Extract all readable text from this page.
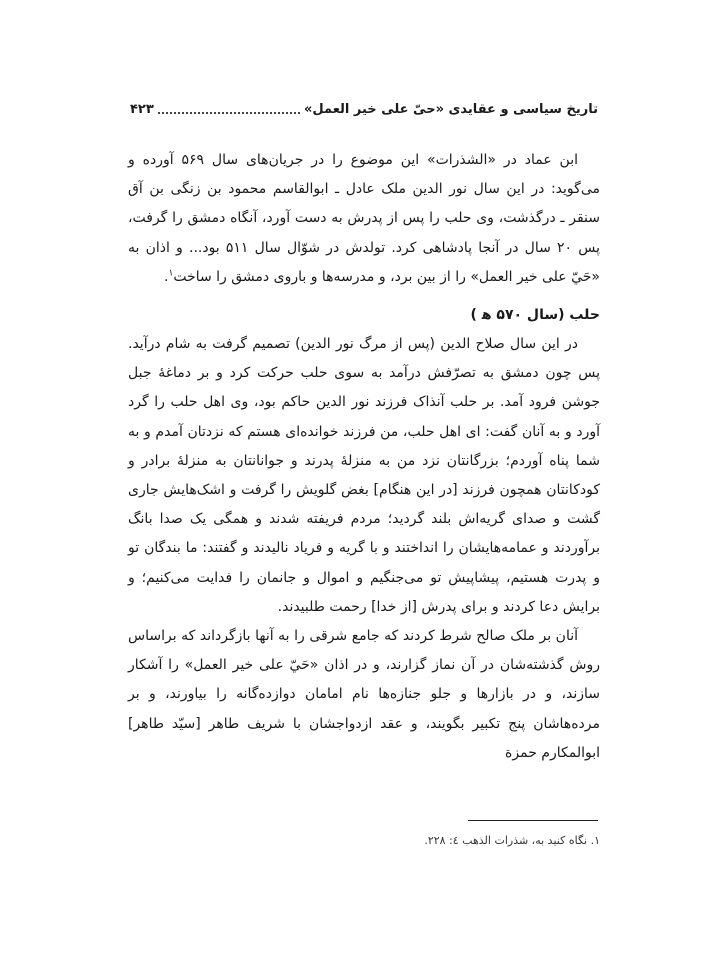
تاریخ سیاسی و عقایدی «حیّ علی خیر العمل»
۴۲۳

ابن عماد در «الشذرات» این موضوع را در جریان‌های سال ۵۶۹ آورده و می‌گوید: در این سال نور الدین ملک عادل ـ ابوالقاسم محمود بن زنگی بن آق سنقر ـ درگذشت، وی حلب را پس از پدرش به دست آورد، آنگاه دمشق را گرفت، پس ۲۰ سال در آنجا پادشاهی کرد. تولدش در شوّال سال ۵۱۱ بود... و اذان به «حَيّ على خير العمل» را از بین برد، و مدرسه‌ها و باروی دمشق را ساخت$^۱$.

حلب (سال ۵۷۰ ه‍ )

در این سال صلاح الدین (پس از مرگ نور الدین) تصمیم گرفت به شام درآید. پس چون دمشق به تصرّفش درآمد به سوی حلب حرکت کرد و بر دماغهٔ جبل جوشن فرود آمد. بر حلب آنذاک فرزند نور الدین حاکم بود، وی اهل حلب را گرد آورد و به آنان گفت: ای اهل حلب، من فرزند خوانده‌ای هستم که نزدتان آمدم و به شما پناه آوردم؛ بزرگانتان نزد من به منزلهٔ پدرند و جوانانتان به منزلهٔ برادر و کودکانتان همچون فرزند [در این هنگام] بغض گلویش را گرفت و اشک‌هایش جاری گشت و صدای گریه‌اش بلند گردید؛ مردم فریفته شدند و همگی یک صدا بانگ برآوردند و عمامه‌هایشان را انداختند و با گریه و فریاد نالیدند و گفتند: ما بندگان تو و پدرت هستیم، پیشاپیش تو می‌جنگیم و اموال و جانمان را فدایت می‌کنیم؛ و برایش دعا کردند و برای پدرش [از خدا] رحمت طلبیدند.

آنان بر ملک صالح شرط کردند که جامع شرقی را به آنها بازگرداند که براساس روش گذشته‌شان در آن نماز گزارند، و در اذان «حَيّ على خير العمل» را آشکار سازند، و در بازارها و جلو جنازه‌ها نام امامان دوازده‌گانه را بیاورند، و بر مرده‌هاشان پنج تکبیر بگویند، و عقد ازدواجشان با شریف طاهر [سیّد طاهر] ابوالمکارم حمزة

۱. نگاه کنید به، شذرات الذهب ٤: ٢٢٨.
